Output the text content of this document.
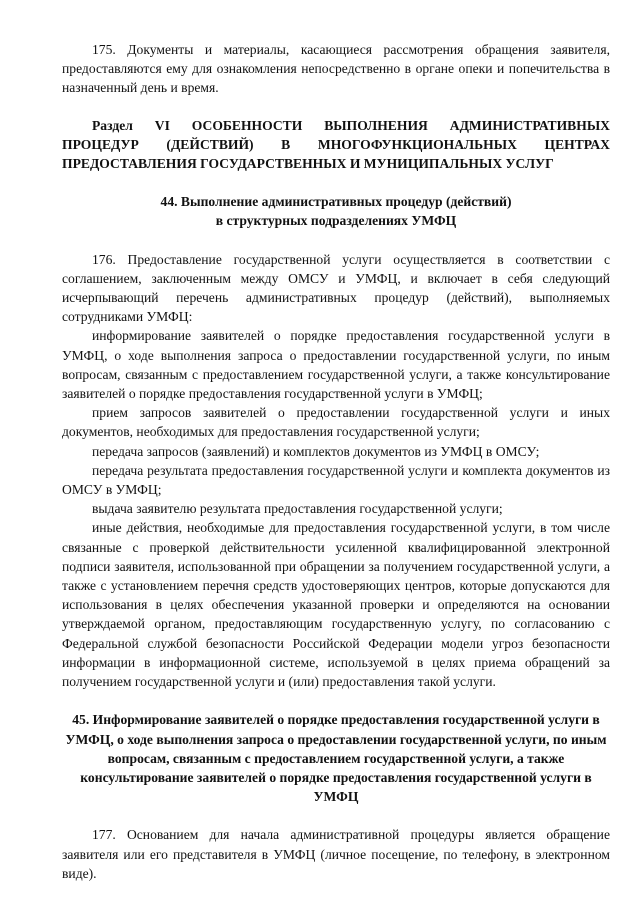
175. Документы и материалы, касающиеся рассмотрения обращения заявителя, предоставляются ему для ознакомления непосредственно в органе опеки и попечительства в назначенный день и время.

Раздел VI ОСОБЕННОСТИ ВЫПОЛНЕНИЯ АДМИНИСТРАТИВНЫХ ПРОЦЕДУР (ДЕЙСТВИЙ) В МНОГОФУНКЦИОНАЛЬНЫХ ЦЕНТРАХ ПРЕДОСТАВЛЕНИЯ ГОСУДАРСТВЕННЫХ И МУНИЦИПАЛЬНЫХ УСЛУГ

44. Выполнение административных процедур (действий)
в структурных подразделениях УМФЦ

176. Предоставление государственной услуги осуществляется в соответствии с соглашением, заключенным между ОМСУ и УМФЦ, и включает в себя следующий исчерпывающий перечень административных процедур (действий), выполняемых сотрудниками УМФЦ:

информирование заявителей о порядке предоставления государственной услуги в УМФЦ, о ходе выполнения запроса о предоставлении государственной услуги, по иным вопросам, связанным с предоставлением государственной услуги, а также консультирование заявителей о порядке предоставления государственной услуги в УМФЦ;

прием запросов заявителей о предоставлении государственной услуги и иных документов, необходимых для предоставления государственной услуги;

передача запросов (заявлений) и комплектов документов из УМФЦ в ОМСУ;

передача результата предоставления государственной услуги и комплекта документов из ОМСУ в УМФЦ;

выдача заявителю результата предоставления государственной услуги;

иные действия, необходимые для предоставления государственной услуги, в том числе связанные с проверкой действительности усиленной квалифицированной электронной подписи заявителя, использованной при обращении за получением государственной услуги, а также с установлением перечня средств удостоверяющих центров, которые допускаются для использования в целях обеспечения указанной проверки и определяются на основании утверждаемой органом, предоставляющим государственную услугу, по согласованию с Федеральной службой безопасности Российской Федерации модели угроз безопасности информации в информационной системе, используемой в целях приема обращений за получением государственной услуги и (или) предоставления такой услуги.

45. Информирование заявителей о порядке предоставления государственной услуги в УМФЦ, о ходе выполнения запроса о предоставлении государственной услуги, по иным вопросам, связанным с предоставлением государственной услуги, а также консультирование заявителей о порядке предоставления государственной услуги в УМФЦ

177. Основанием для начала административной процедуры является обращение заявителя или его представителя в УМФЦ (личное посещение, по телефону, в электронном виде).
